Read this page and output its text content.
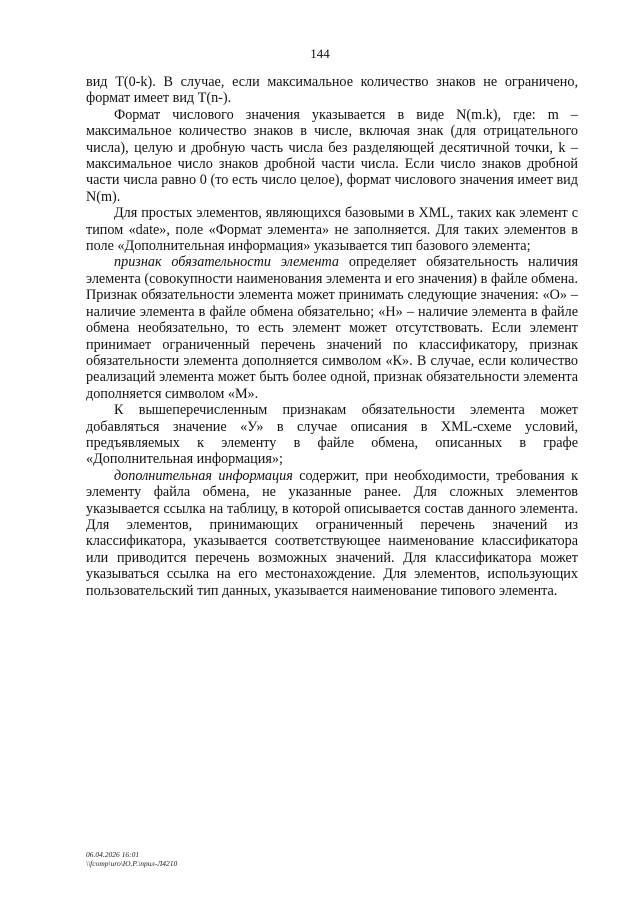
144

вид T(0-k). В случае, если максимальное количество знаков не ограничено, формат имеет вид T(n-).

Формат числового значения указывается в виде N(m.k), где: m – максимальное количество знаков в числе, включая знак (для отрицательного числа), целую и дробную часть числа без разделяющей десятичной точки, k – максимальное число знаков дробной части числа. Если число знаков дробной части числа равно 0 (то есть число целое), формат числового значения имеет вид N(m).

Для простых элементов, являющихся базовыми в XML, таких как элемент с типом «date», поле «Формат элемента» не заполняется. Для таких элементов в поле «Дополнительная информация» указывается тип базового элемента;

признак обязательности элемента определяет обязательность наличия элемента (совокупности наименования элемента и его значения) в файле обмена. Признак обязательности элемента может принимать следующие значения: «О» – наличие элемента в файле обмена обязательно; «Н» – наличие элемента в файле обмена необязательно, то есть элемент может отсутствовать. Если элемент принимает ограниченный перечень значений по классификатору, признак обязательности элемента дополняется символом «К». В случае, если количество реализаций элемента может быть более одной, признак обязательности элемента дополняется символом «М».

К вышеперечисленным признакам обязательности элемента может добавляться значение «У» в случае описания в XML-схеме условий, предъявляемых к элементу в файле обмена, описанных в графе «Дополнительная информация»;

дополнительная информация содержит, при необходимости, требования к элементу файла обмена, не указанные ранее. Для сложных элементов указывается ссылка на таблицу, в которой описывается состав данного элемента. Для элементов, принимающих ограниченный перечень значений из классификатора, указывается соответствующее наименование классификатора или приводится перечень возможных значений. Для классификатора может указываться ссылка на его местонахождение. Для элементов, использующих пользовательский тип данных, указывается наименование типового элемента.

06.04.2026 16:01
\\fcomp\uro\Ю.Р.\прил-Л4210
